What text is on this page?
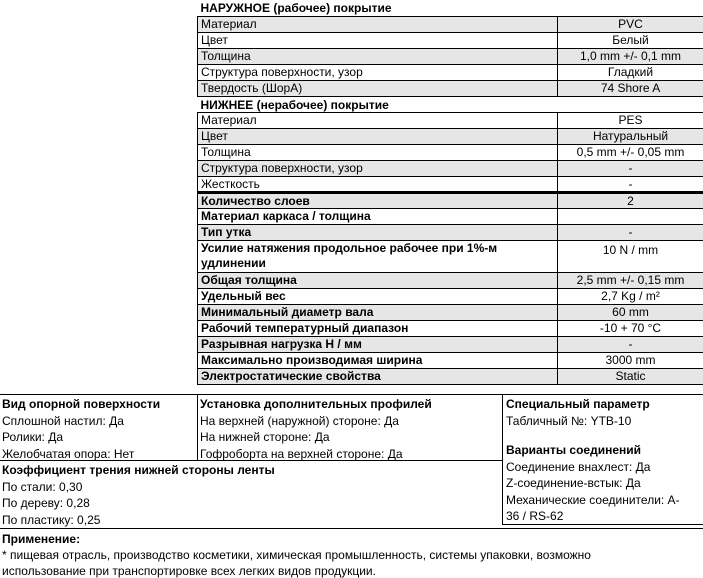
НАРУЖНОЕ (рабочее) покрытие	
Материал	PVC
Цвет	Белый
Толщина	1,0 mm +/- 0,1 mm
Структура поверхности, узор	Гладкий
Твердость (ШорA)	74 Shore A
НИЖНЕЕ (нерабочее) покрытие	
Материал	PES
Цвет	Натуральный
Толщина	0,5 mm +/- 0,05 mm
Структура поверхности, узор	-
Жесткость	-
Количество слоев	2
Материал каркаса / толщина	
Тип утка	-
Усилие натяжения продольное рабочее при 1%-м удлинении	10 N / mm
Общая толщина	2,5 mm +/- 0,15 mm
Удельный вес	2,7 Kg / m²
Минимальный диаметр вала	60 mm
Рабочий температурный диапазон	-10 + 70 °C
Разрывная нагрузка Н / мм	-
Максимально производимая ширина	3000 mm
Электростатические свойства	Static
Вид опорной поверхности
Сплошной настил: Да
Ролики: Да
Желобчатая опора: Нет
Установка дополнительных профилей
На верхней (наружной) стороне: Да
На нижней стороне: Да
Гофроборта на верхней стороне: Да
Специальный параметр
Табличный №: YTB-10
Варианты соединений
Соединение внахлест: Да
Z-соединение-встык: Да
Механические соединители: А-
36 / RS-62
Коэффициент трения нижней стороны ленты
По стали: 0,30
По дереву: 0,28
По пластику: 0,25
Применение:
* пищевая отрасль, производство косметики, химическая промышленность, системы упаковки, возможно
использование при транспортировке всех легких видов продукции.
